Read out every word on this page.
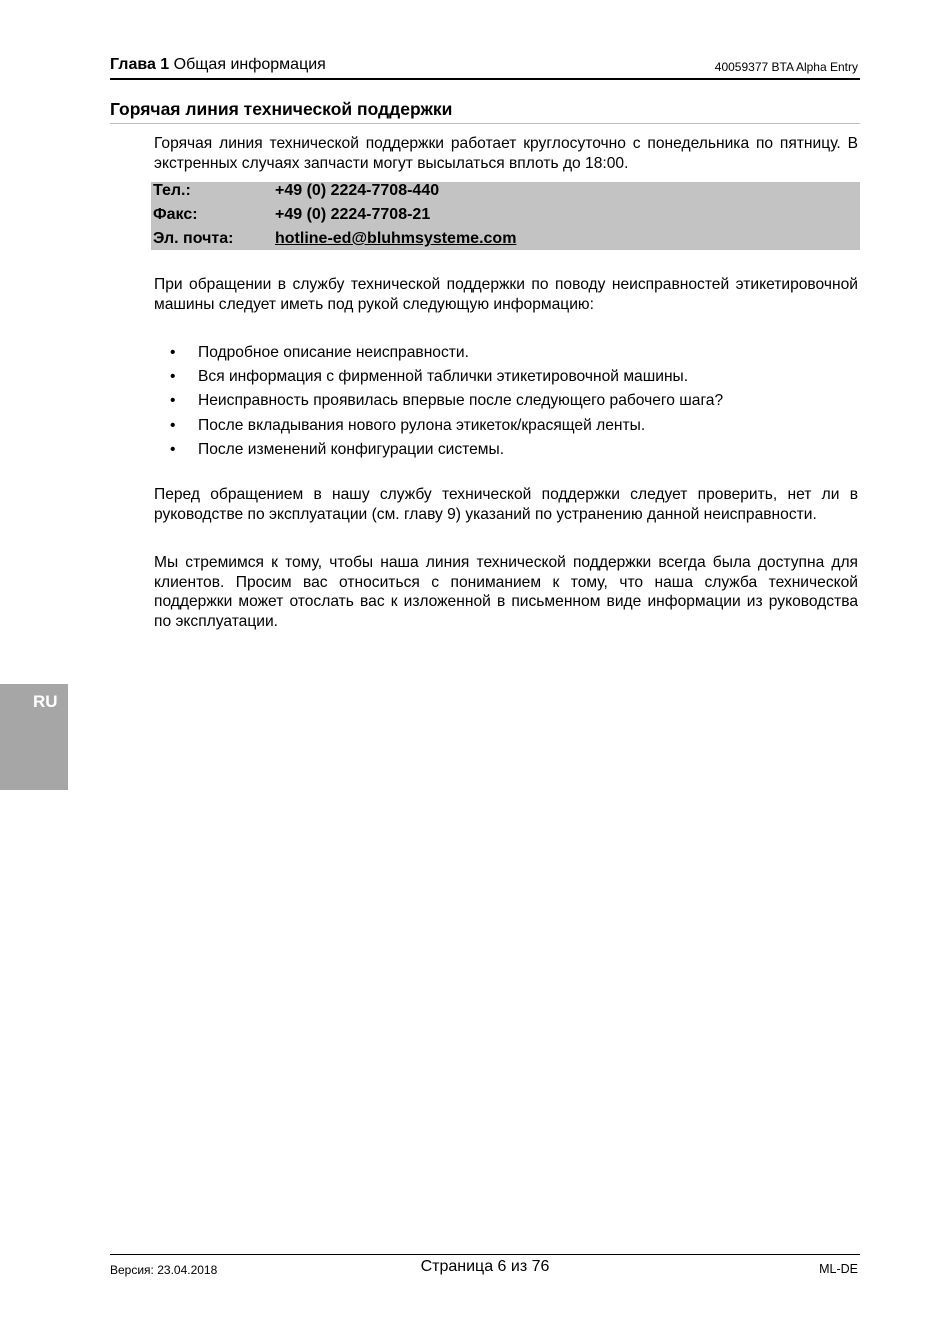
Глава 1 Общая информация	40059377 BTA Alpha Entry
Горячая линия технической поддержки

Горячая линия технической поддержки работает круглосуточно с понедельника по пятницу. В экстренных случаях запчасти могут высылаться вплоть до 18:00.

Тел.:	+49 (0) 2224-7708-440
Факс:	+49 (0) 2224-7708-21
Эл. почта:	hotline-ed@bluhmsysteme.com

При обращении в службу технической поддержки по поводу неисправностей этикетировочной машины следует иметь под рукой следующую информацию:

• Подробное описание неисправности.
• Вся информация с фирменной таблички этикетировочной машины.
• Неисправность проявилась впервые после следующего рабочего шага?
• После вкладывания нового рулона этикеток/красящей ленты.
• После изменений конфигурации системы.

Перед обращением в нашу службу технической поддержки следует проверить, нет ли в руководстве по эксплуатации (см. главу 9) указаний по устранению данной неисправности.

Мы стремимся к тому, чтобы наша линия технической поддержки всегда была доступна для клиентов. Просим вас относиться с пониманием к тому, что наша служба технической поддержки может отослать вас к изложенной в письменном виде информации из руководства по эксплуатации.

RU
Версия: 23.04.2018	Страница 6 из 76	ML-DE
